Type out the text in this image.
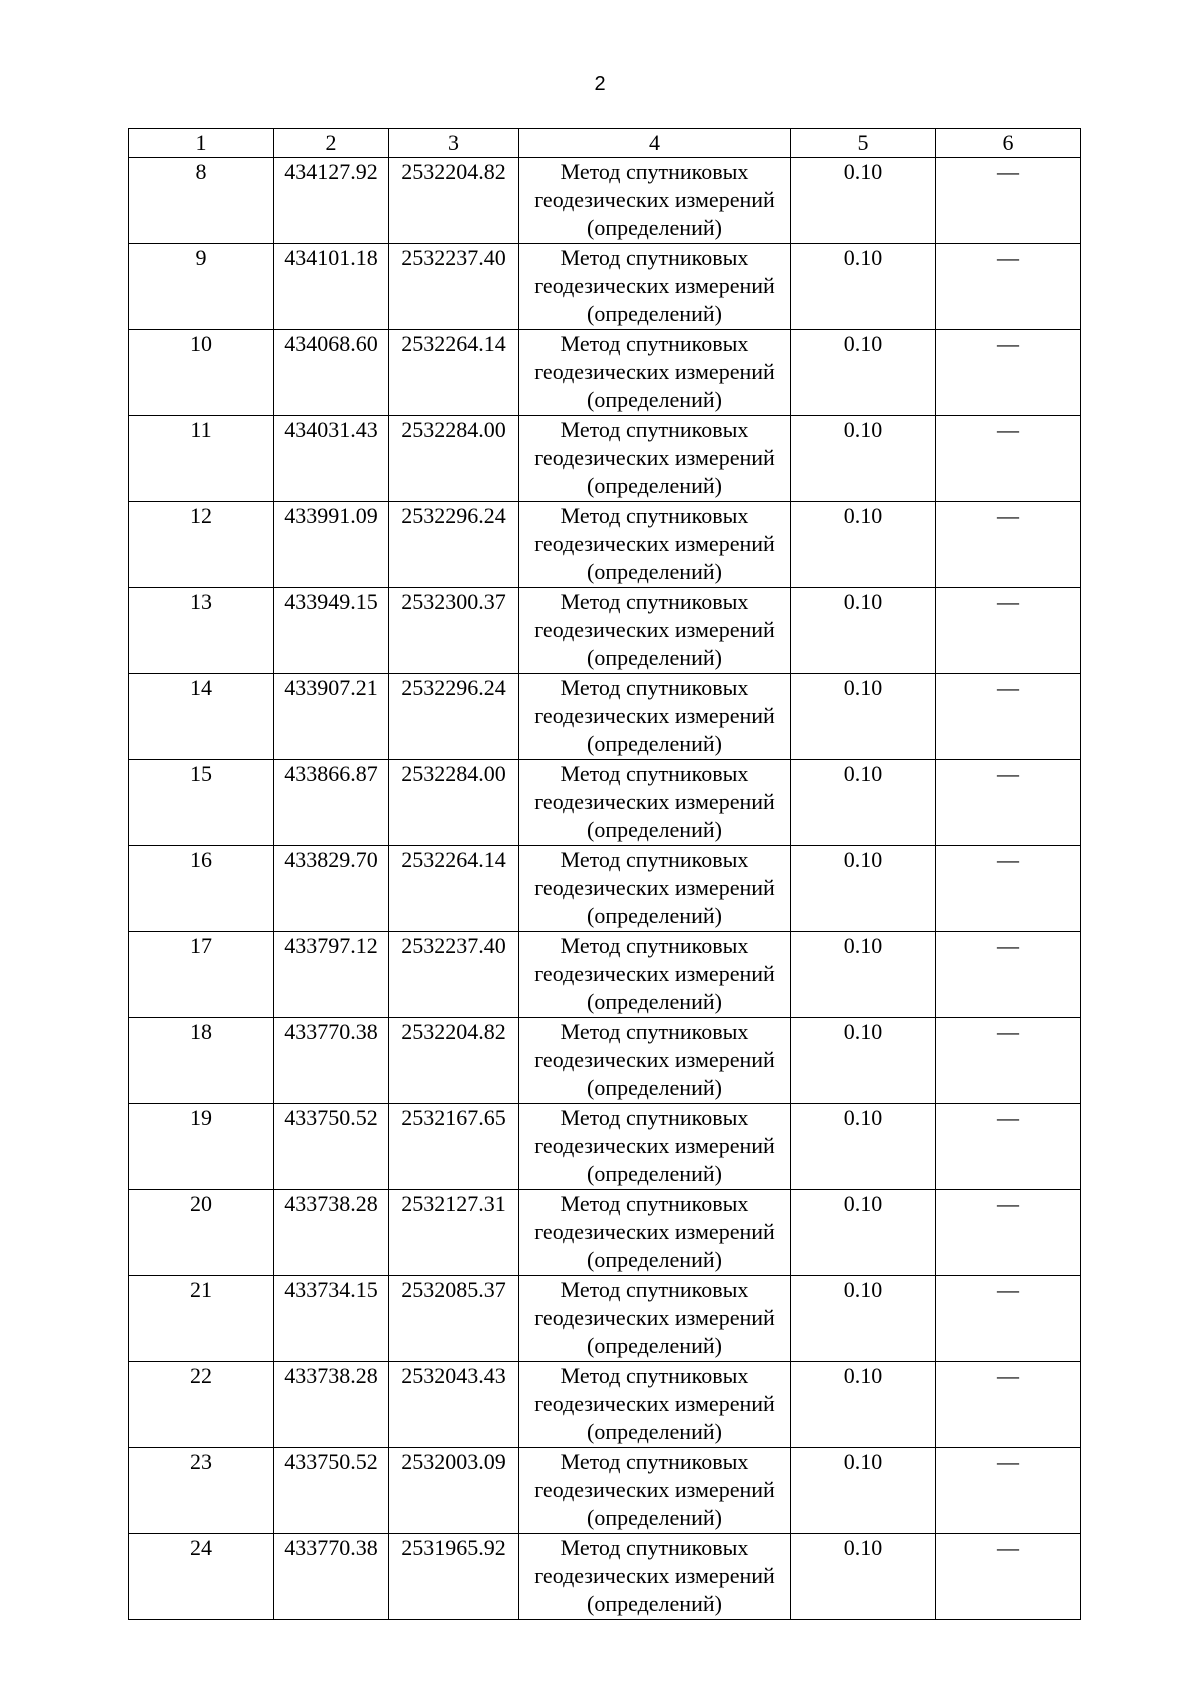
2
1	2	3	4	5	6
8	434127.92	2532204.82	Метод спутниковых
геодезических измерений
(определений)	0.10	—
9	434101.18	2532237.40	Метод спутниковых
геодезических измерений
(определений)	0.10	—
10	434068.60	2532264.14	Метод спутниковых
геодезических измерений
(определений)	0.10	—
11	434031.43	2532284.00	Метод спутниковых
геодезических измерений
(определений)	0.10	—
12	433991.09	2532296.24	Метод спутниковых
геодезических измерений
(определений)	0.10	—
13	433949.15	2532300.37	Метод спутниковых
геодезических измерений
(определений)	0.10	—
14	433907.21	2532296.24	Метод спутниковых
геодезических измерений
(определений)	0.10	—
15	433866.87	2532284.00	Метод спутниковых
геодезических измерений
(определений)	0.10	—
16	433829.70	2532264.14	Метод спутниковых
геодезических измерений
(определений)	0.10	—
17	433797.12	2532237.40	Метод спутниковых
геодезических измерений
(определений)	0.10	—
18	433770.38	2532204.82	Метод спутниковых
геодезических измерений
(определений)	0.10	—
19	433750.52	2532167.65	Метод спутниковых
геодезических измерений
(определений)	0.10	—
20	433738.28	2532127.31	Метод спутниковых
геодезических измерений
(определений)	0.10	—
21	433734.15	2532085.37	Метод спутниковых
геодезических измерений
(определений)	0.10	—
22	433738.28	2532043.43	Метод спутниковых
геодезических измерений
(определений)	0.10	—
23	433750.52	2532003.09	Метод спутниковых
геодезических измерений
(определений)	0.10	—
24	433770.38	2531965.92	Метод спутниковых
геодезических измерений
(определений)	0.10	—
